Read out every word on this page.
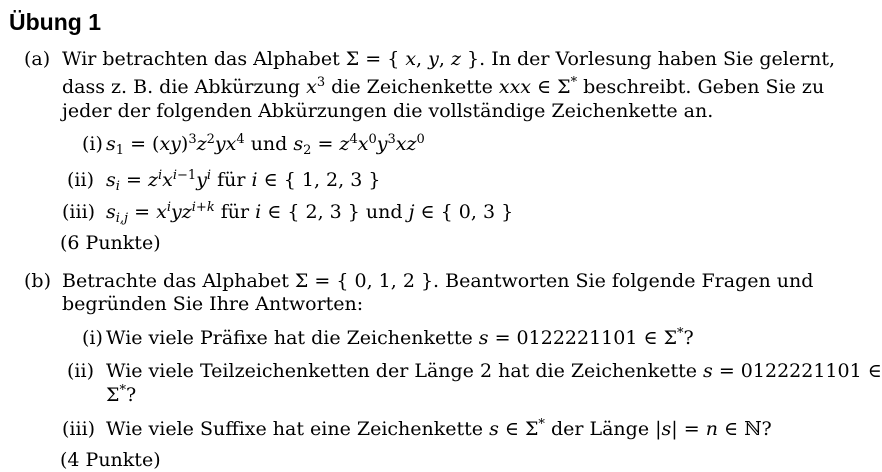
Übung 1
(a) Wir betrachten das Alphabet Σ = { x, y, z }. In der Vorlesung haben Sie gelernt,
dass z. B. die Abkürzung $x^3$ die Zeichenkette xxx ∈ Σ* beschreibt. Geben Sie zu
jeder der folgenden Abkürzungen die vollständige Zeichenkette an.
(i) $s_1 = (xy)^3z^2yx^4$ und $s_2 = z^4x^0y^3xz^0$
(ii) $s_i = z^ix^{i-1}y^i$ für i ∈ { 1, 2, 3 }
(iii) $s_{i,j} = x^iyz^{i+k}$ für i ∈ { 2, 3 } und j ∈ { 0, 3 }
(6 Punkte)
(b) Betrachte das Alphabet Σ = { 0, 1, 2 }. Beantworten Sie folgende Fragen und
begründen Sie Ihre Antworten:
(i) Wie viele Präfixe hat die Zeichenkette s = 0122221101 ∈ Σ*?
(ii) Wie viele Teilzeichenketten der Länge 2 hat die Zeichenkette s = 0122221101 ∈
Σ*?
(iii) Wie viele Suffixe hat eine Zeichenkette s ∈ Σ* der Länge |s| = n ∈ ℕ?
(4 Punkte)
